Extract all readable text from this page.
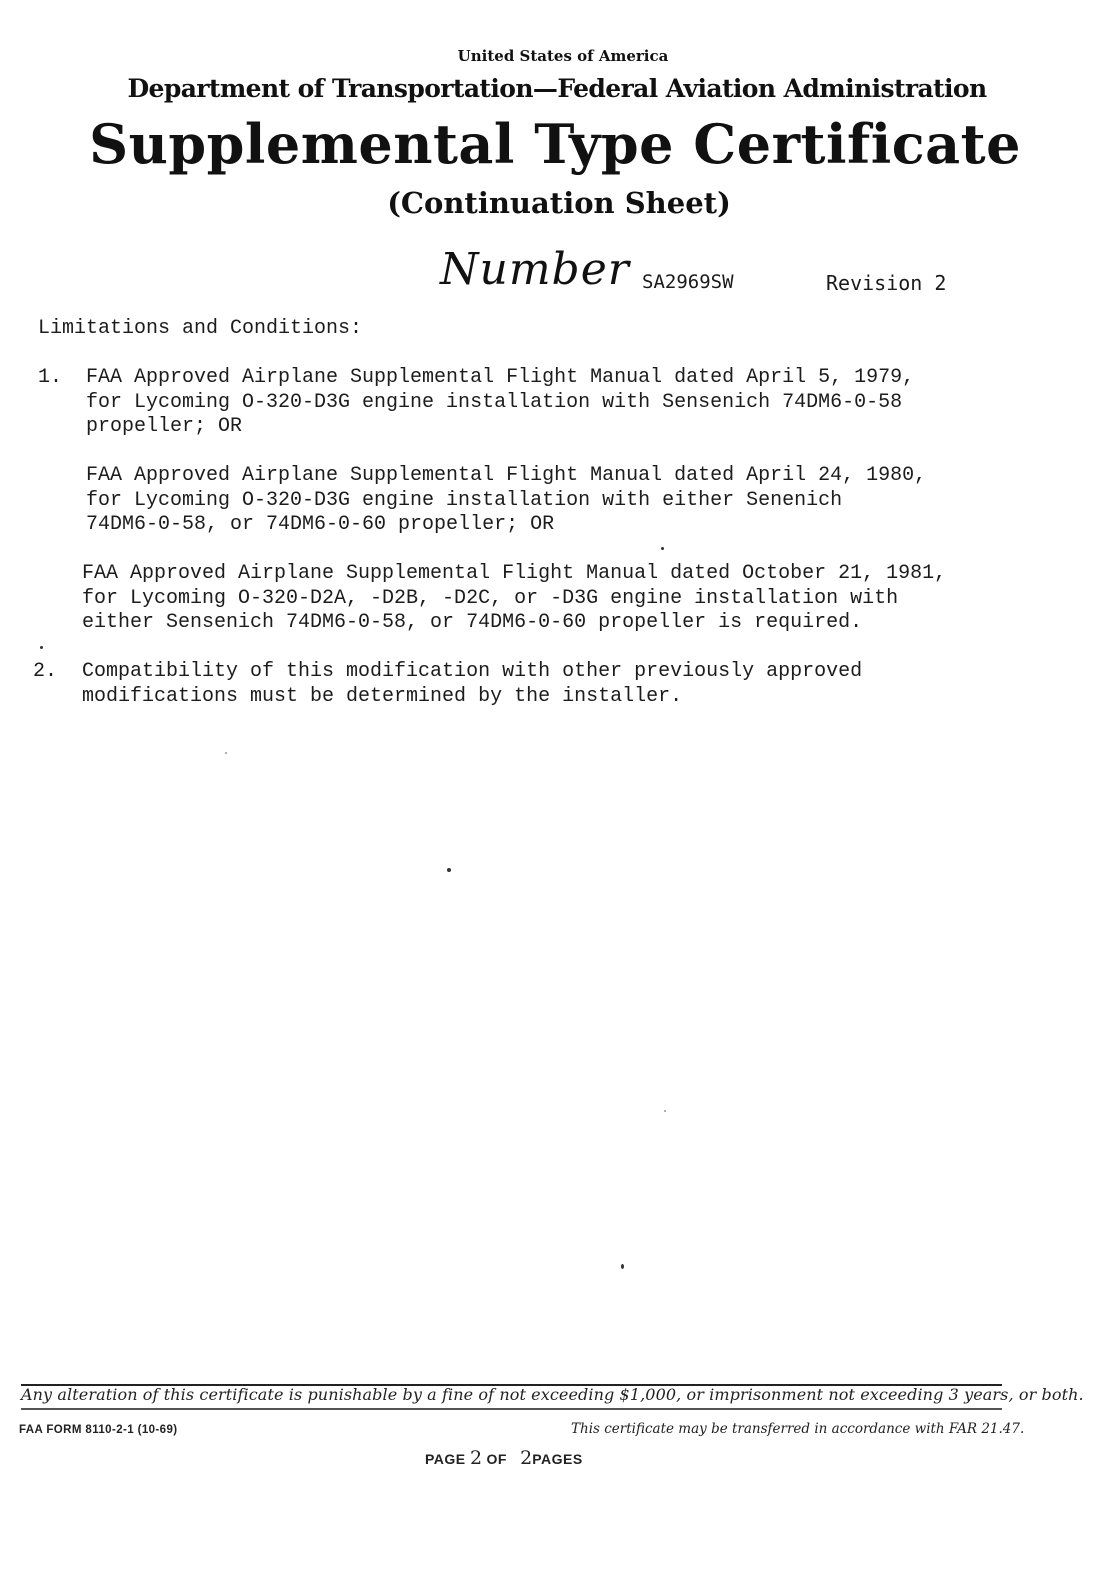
United States of America
Department of Transportation—Federal Aviation Administration
Supplemental Type Certificate
(Continuation Sheet)
Number SA2969SW	Revision 2
Limitations and Conditions:
1. FAA Approved Airplane Supplemental Flight Manual dated April 5, 1979,
for Lycoming O-320-D3G engine installation with Sensenich 74DM6-0-58
propeller; OR
FAA Approved Airplane Supplemental Flight Manual dated April 24, 1980,
for Lycoming O-320-D3G engine installation with either Senenich
74DM6-0-58, or 74DM6-0-60 propeller; OR
FAA Approved Airplane Supplemental Flight Manual dated October 21, 1981,
for Lycoming O-320-D2A, -D2B, -D2C, or -D3G engine installation with
either Sensenich 74DM6-0-58, or 74DM6-0-60 propeller is required.
2. Compatibility of this modification with other previously approved
modifications must be determined by the installer.
Any alteration of this certificate is punishable by a fine of not exceeding $1,000, or imprisonment not exceeding 3 years, or both.
FAA FORM 8110-2-1 (10-69)	This certificate may be transferred in accordance with FAR 21.47.
PAGE 2 OF 2PAGES
